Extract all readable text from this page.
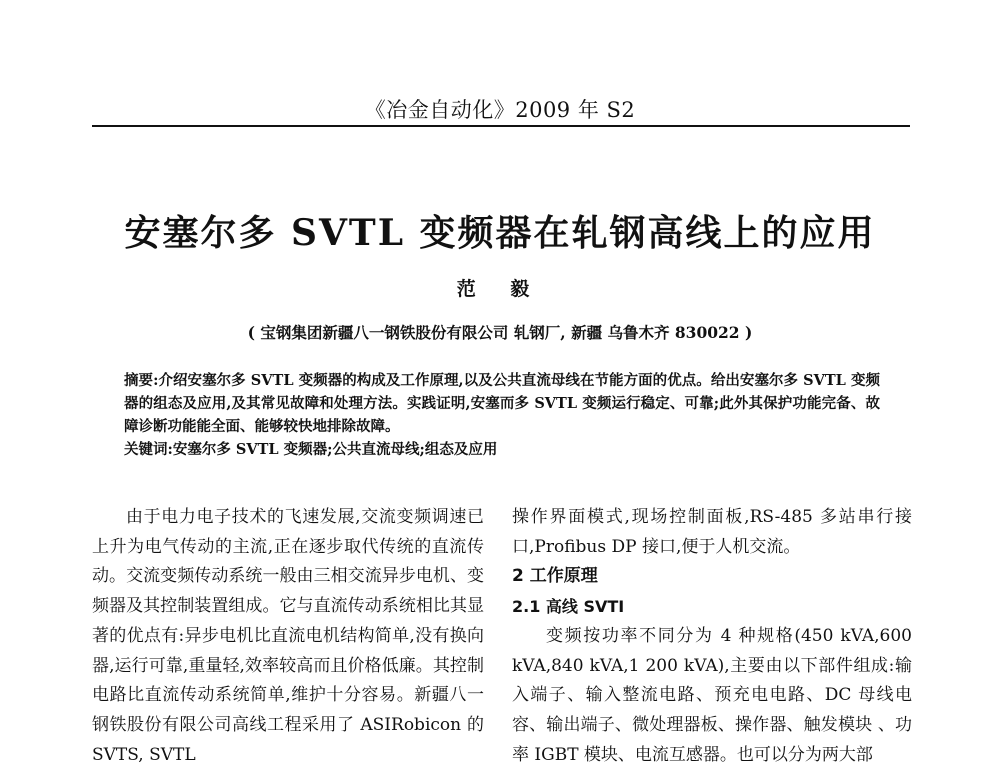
《冶金自动化》2009 年 S2
安塞尔多 SVTL 变频器在轧钢高线上的应用
范 毅
( 宝钢集团新疆八一钢铁股份有限公司 轧钢厂, 新疆 乌鲁木齐 830022 )

摘要:介绍安塞尔多 SVTL 变频器的构成及工作原理,以及公共直流母线在节能方面的优点。给出安塞尔多 SVTL 变频器的组态及应用,及其常见故障和处理方法。实践证明,安塞而多 SVTL 变频运行稳定、可靠;此外其保护功能完备、故障诊断功能能全面、能够较快地排除故障。

关键词:安塞尔多 SVTL 变频器;公共直流母线;组态及应用

由于电力电子技术的飞速发展,交流变频调速已上升为电气传动的主流,正在逐步取代传统的直流传动。交流变频传动系统一般由三相交流异步电机、变频器及其控制装置组成。它与直流传动系统相比其显著的优点有:异步电机比直流电机结构简单,没有换向器,运行可靠,重量轻,效率较高而且价格低廉。其控制电路比直流传动系统简单,维护十分容易。新疆八一钢铁股份有限公司高线工程采用了 ASIRobicon 的 SVTS, SVTL

操作界面模式,现场控制面板,RS-485 多站串行接口,Profibus DP 接口,便于人机交流。

2 工作原理

2.1 高线 SVTI

变频按功率不同分为 4 种规格(450 kVA,600 kVA,840 kVA,1 200 kVA),主要由以下部件组成:输入端子、输入整流电路、预充电电路、DC 母线电容、输出端子、微处理器板、操作器、触发模块 、功率 IGBT 模块、电流互感器。也可以分为两大部
